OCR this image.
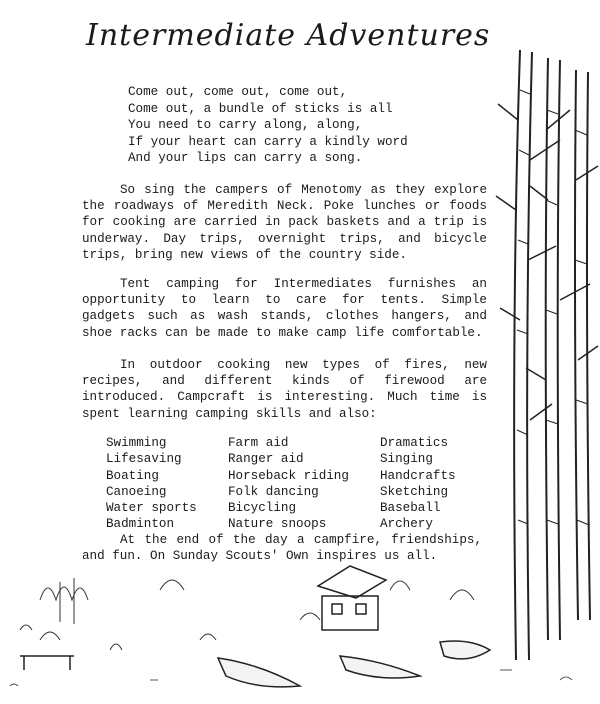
Intermediate Adventures
Come out, come out, come out,
Come out, a bundle of sticks is all
You need to carry along, along,
If your heart can carry a kindly word
And your lips can carry a song.
So sing the campers of Menotomy as they explore the roadways of Meredith Neck. Poke lunches or foods for cooking are carried in pack baskets and a trip is underway. Day trips, overnight trips, and bicycle trips, bring new views of the country side.
Tent camping for Intermediates furnishes an opportunity to learn to care for tents. Simple gadgets such as wash stands, clothes hangers, and shoe racks can be made to make camp life comfortable.
In outdoor cooking new types of fires, new recipes, and different kinds of firewood are introduced. Campcraft is interesting. Much time is spent learning camping skills and also:
Swimming
Lifesaving
Boating
Canoeing
Water sports
Badminton
Farm aid
Ranger aid
Horseback riding
Folk dancing
Bicycling
Nature snoops
Dramatics
Singing
Handcrafts
Sketching
Baseball
Archery
At the end of the day a campfire, friendships, and fun. On Sunday Scouts' Own inspires us all.
